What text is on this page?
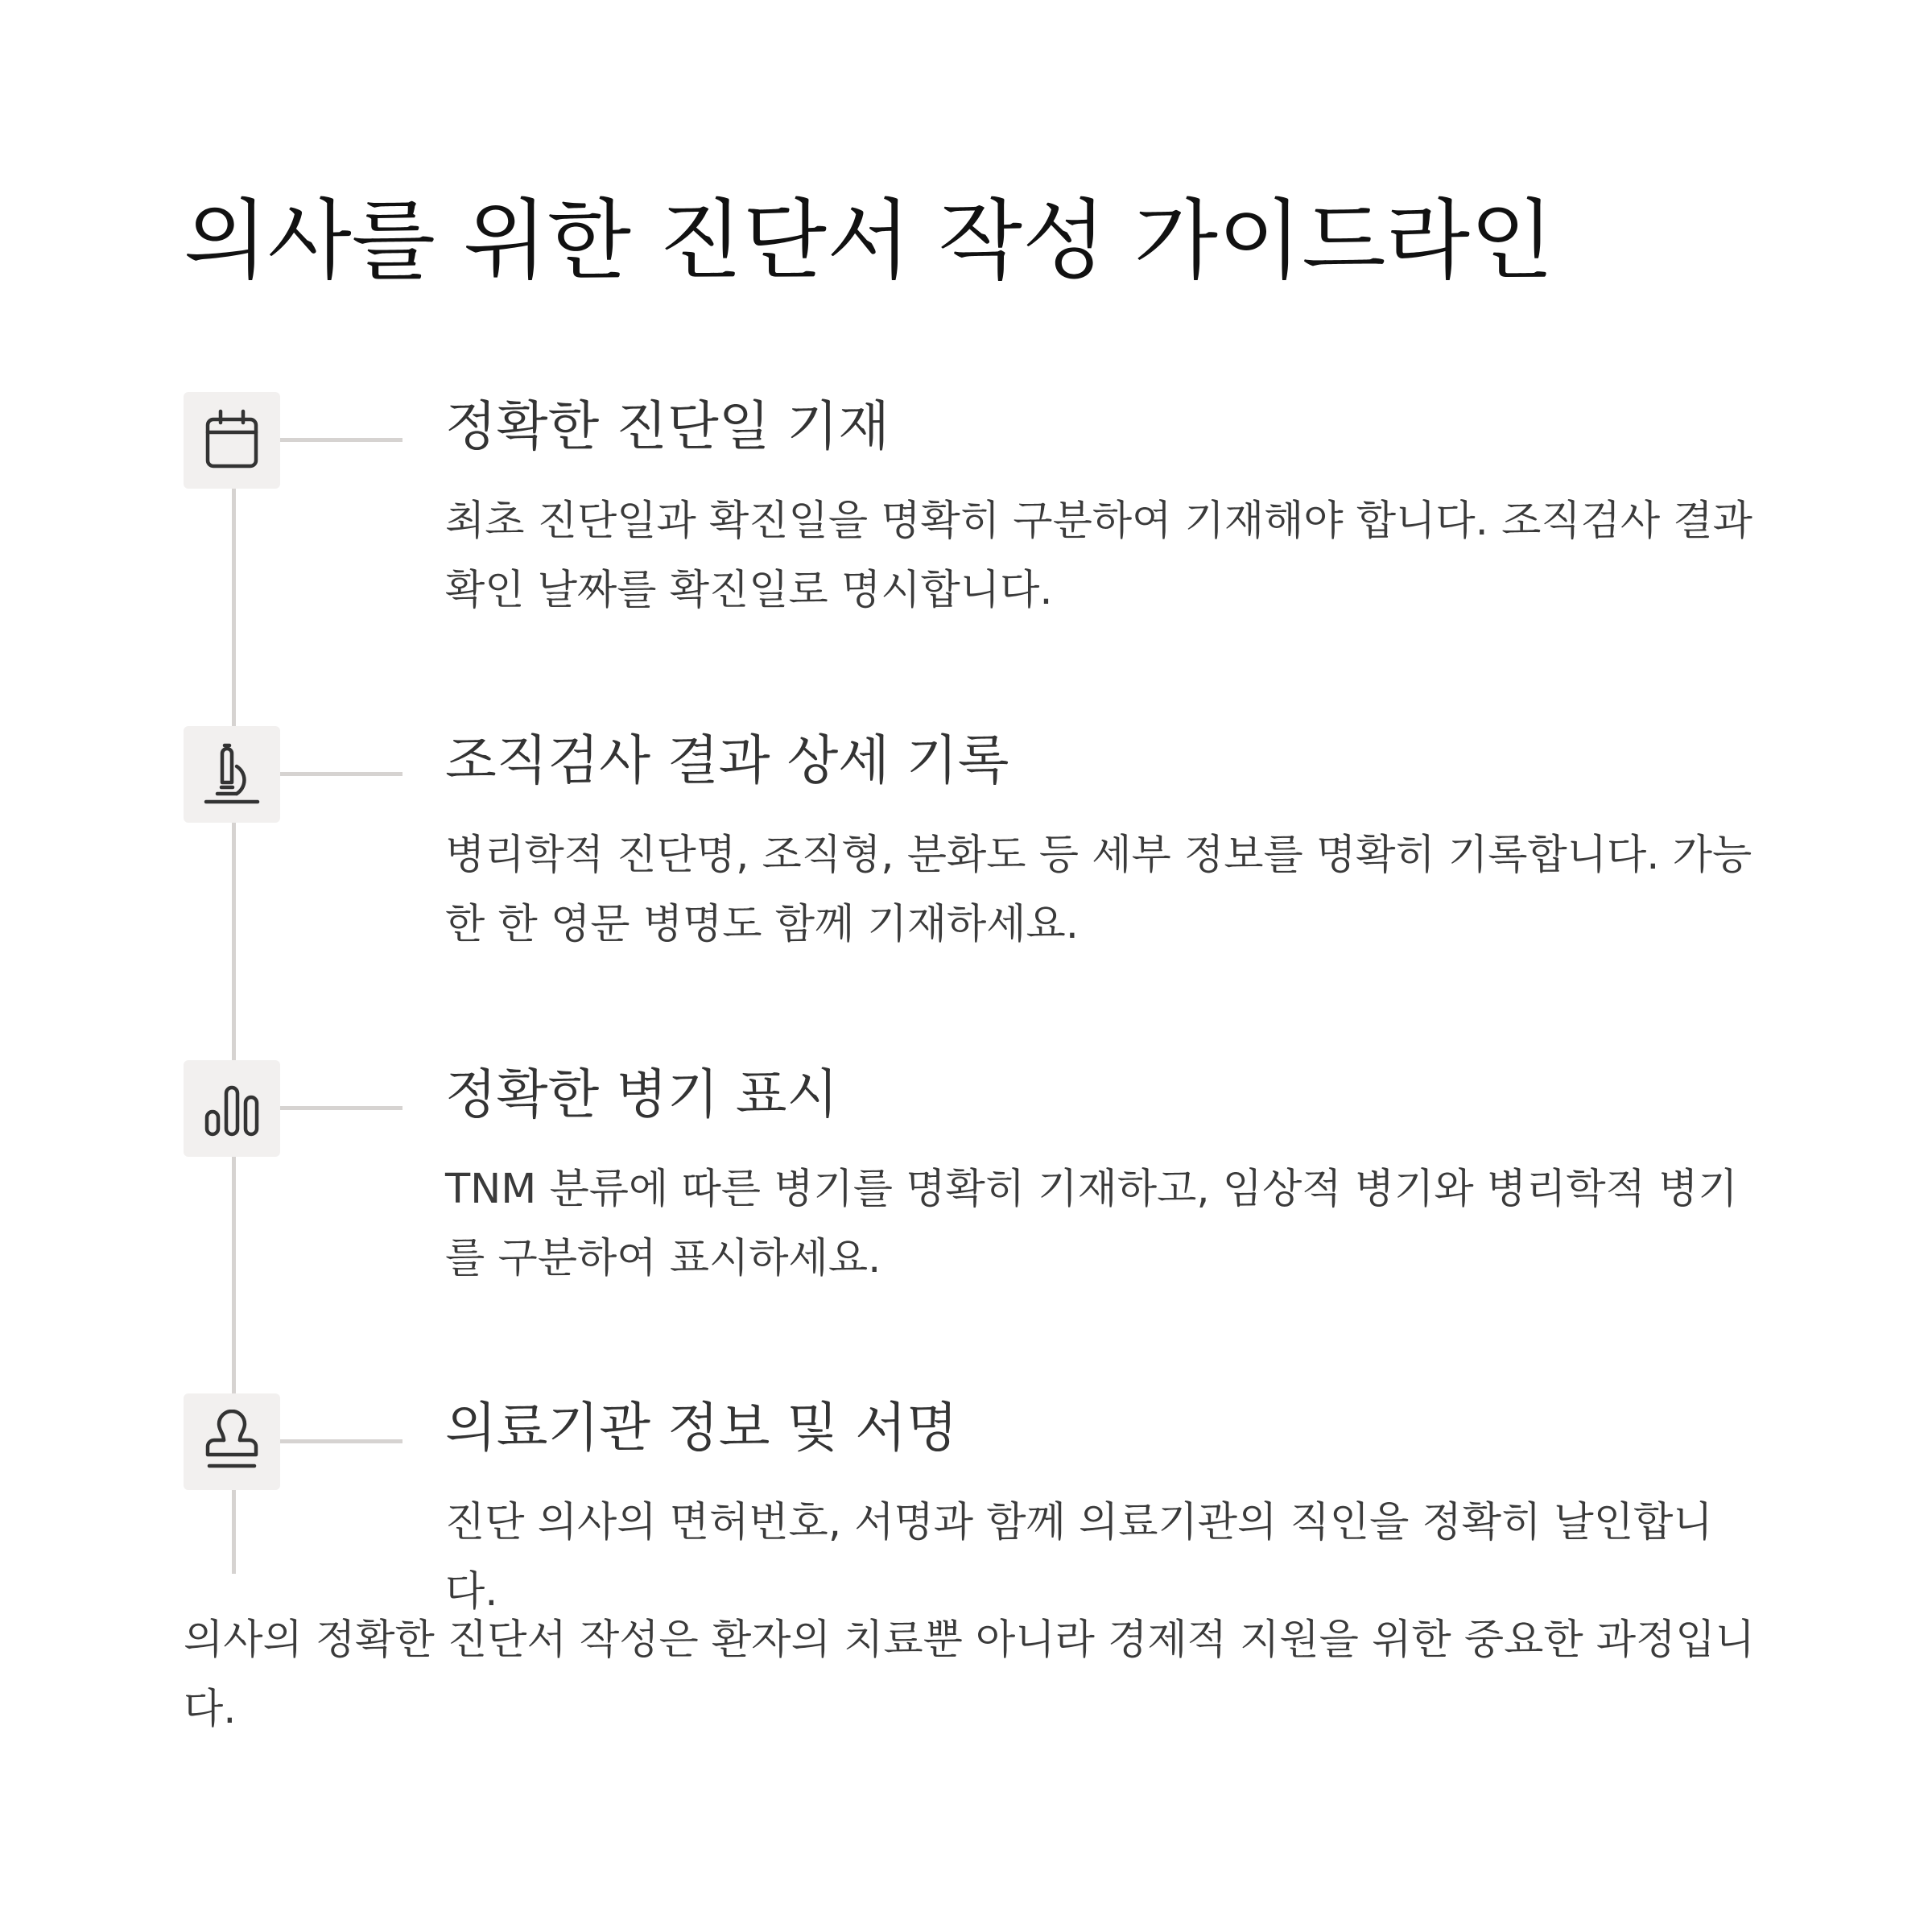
의사를 위한 진단서 작성 가이드라인
정확한 진단일 기재

최초 진단일과 확진일을 명확히 구분하여 기재해야 합니다. 조직검사 결과 확인 날짜를 확진일로 명시합니다.

조직검사 결과 상세 기록

병리학적 진단명, 조직형, 분화도 등 세부 정보를 명확히 기록합니다. 가능한 한 영문 병명도 함께 기재하세요.

정확한 병기 표시

TNM 분류에 따른 병기를 명확히 기재하고, 임상적 병기와 병리학적 병기를 구분하여 표시하세요.

의료기관 정보 및 서명

진단 의사의 면허번호, 서명과 함께 의료기관의 직인을 정확히 날인합니다.

의사의 정확한 진단서 작성은 환자의 치료뿐 아니라 경제적 지원을 위한 중요한 과정입니다.
